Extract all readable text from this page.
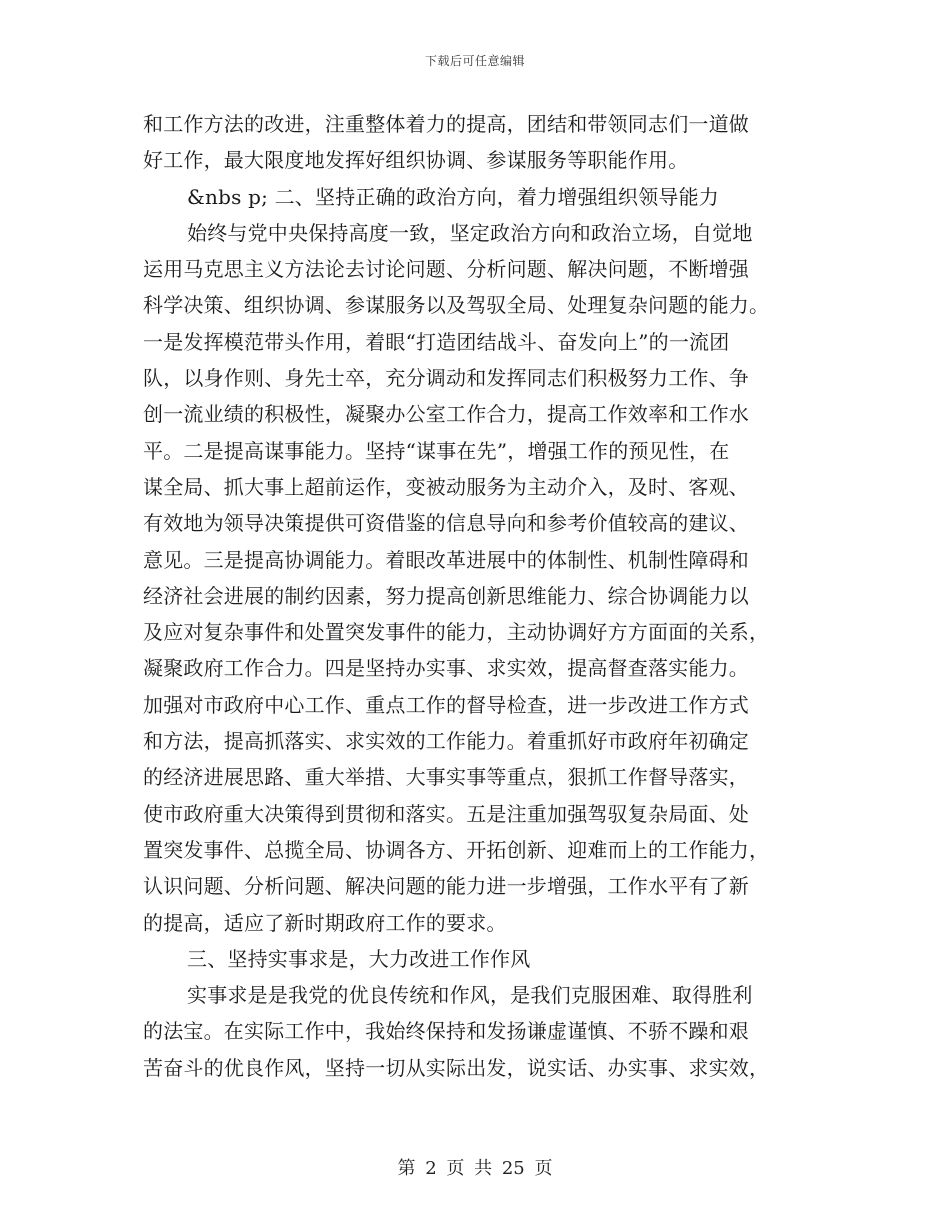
下载后可任意编辑
和工作方法的改进，注重整体着力的提高，团结和带领同志们一道做
好工作，最大限度地发挥好组织协调、参谋服务等职能作用。
&nbs p; 二、坚持正确的政治方向，着力增强组织领导能力
始终与党中央保持高度一致，坚定政治方向和政治立场，自觉地
运用马克思主义方法论去讨论问题、分析问题、解决问题，不断增强
科学决策、组织协调、参谋服务以及驾驭全局、处理复杂问题的能力。
一是发挥模范带头作用，着眼“打造团结战斗、奋发向上”的一流团
队，以身作则、身先士卒，充分调动和发挥同志们积极努力工作、争
创一流业绩的积极性，凝聚办公室工作合力，提高工作效率和工作水
平。二是提高谋事能力。坚持“谋事在先”，增强工作的预见性，在
谋全局、抓大事上超前运作，变被动服务为主动介入，及时、客观、
有效地为领导决策提供可资借鉴的信息导向和参考价值较高的建议、
意见。三是提高协调能力。着眼改革进展中的体制性、机制性障碍和
经济社会进展的制约因素，努力提高创新思维能力、综合协调能力以
及应对复杂事件和处置突发事件的能力，主动协调好方方面面的关系，
凝聚政府工作合力。四是坚持办实事、求实效，提高督查落实能力。
加强对市政府中心工作、重点工作的督导检查，进一步改进工作方式
和方法，提高抓落实、求实效的工作能力。着重抓好市政府年初确定
的经济进展思路、重大举措、大事实事等重点，狠抓工作督导落实，
使市政府重大决策得到贯彻和落实。五是注重加强驾驭复杂局面、处
置突发事件、总揽全局、协调各方、开拓创新、迎难而上的工作能力，
认识问题、分析问题、解决问题的能力进一步增强，工作水平有了新
的提高，适应了新时期政府工作的要求。
三、坚持实事求是，大力改进工作作风
实事求是是我党的优良传统和作风，是我们克服困难、取得胜利
的法宝。在实际工作中，我始终保持和发扬谦虚谨慎、不骄不躁和艰
苦奋斗的优良作风，坚持一切从实际出发，说实话、办实事、求实效，
第 2 页 共 25 页
